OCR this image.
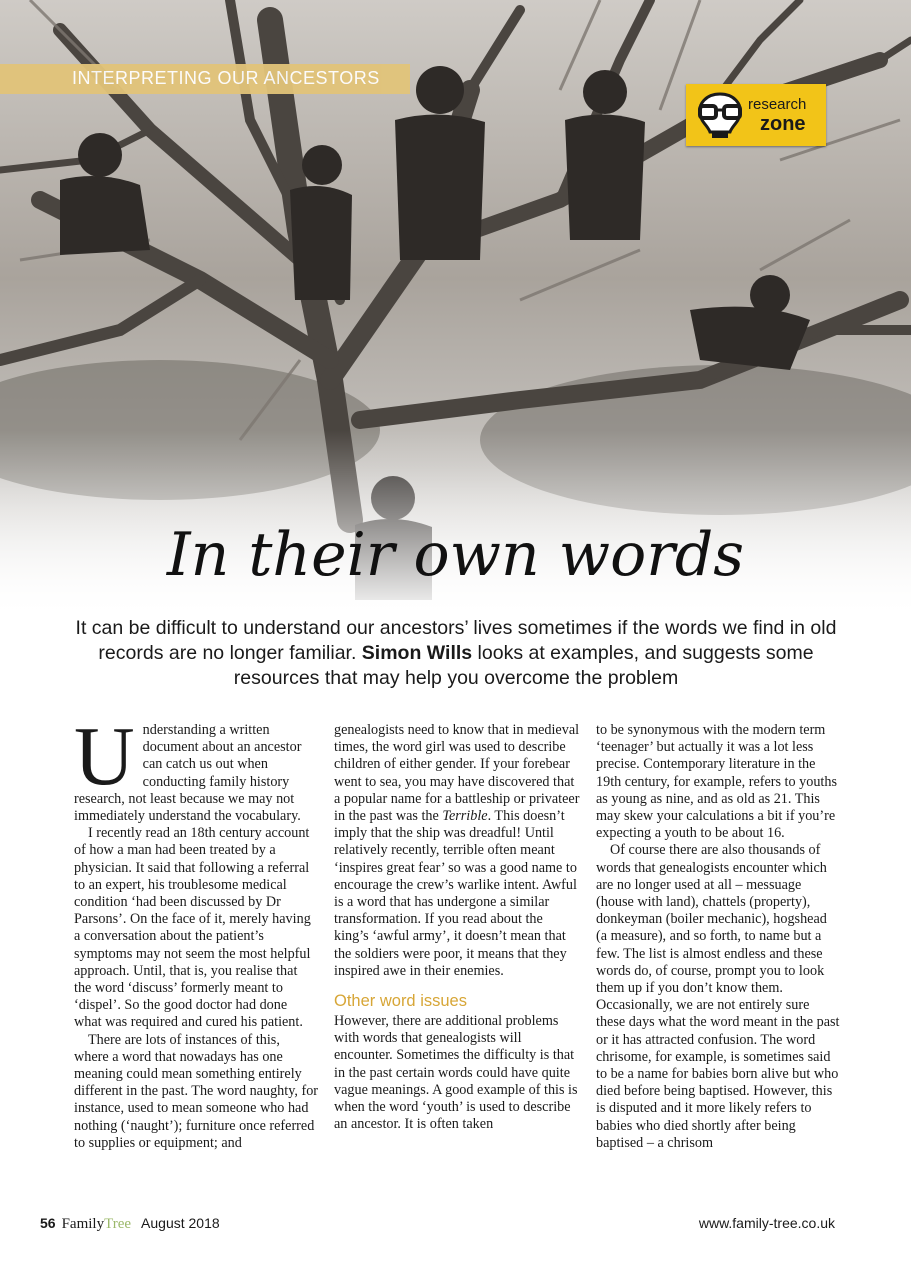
INTERPRETING OUR ANCESTORS
research
zone
In their own words
It can be difficult to understand our ancestors’ lives sometimes if the words we find in old records are no longer familiar. Simon Wills looks at examples, and suggests some resources that may help you overcome the problem

Understanding a written document about an ancestor can catch us out when conducting family history research, not least because we may not immediately understand the vocabulary.

I recently read an 18th century account of how a man had been treated by a physician. It said that following a referral to an expert, his troublesome medical condition ‘had been discussed by Dr Parsons’. On the face of it, merely having a conversation about the patient’s symptoms may not seem the most helpful approach. Until, that is, you realise that the word ‘discuss’ formerly meant to ‘dispel’. So the good doctor had done what was required and cured his patient.

There are lots of instances of this, where a word that nowadays has one meaning could mean something entirely different in the past. The word naughty, for instance, used to mean someone who had nothing (‘naught’); furniture once referred to supplies or equipment; and

genealogists need to know that in medieval times, the word girl was used to describe children of either gender. If your forebear went to sea, you may have discovered that a popular name for a battleship or privateer in the past was the Terrible. This doesn’t imply that the ship was dreadful! Until relatively recently, terrible often meant ‘inspires great fear’ so was a good name to encourage the crew’s warlike intent. Awful is a word that has undergone a similar transformation. If you read about the king’s ‘awful army’, it doesn’t mean that the soldiers were poor, it means that they inspired awe in their enemies.

Other word issues

However, there are additional problems with words that genealogists will encounter. Sometimes the difficulty is that in the past certain words could have quite vague meanings. A good example of this is when the word ‘youth’ is used to describe an ancestor. It is often taken

to be synonymous with the modern term ‘teenager’ but actually it was a lot less precise. Contemporary literature in the 19th century, for example, refers to youths as young as nine, and as old as 21. This may skew your calculations a bit if you’re expecting a youth to be about 16.

Of course there are also thousands of words that genealogists encounter which are no longer used at all – messuage (house with land), chattels (property), donkeyman (boiler mechanic), hogshead (a measure), and so forth, to name but a few. The list is almost endless and these words do, of course, prompt you to look them up if you don’t know them. Occasionally, we are not entirely sure these days what the word meant in the past or it has attracted confusion. The word chrisome, for example, is sometimes said to be a name for babies born alive but who died before being baptised. However, this is disputed and it more likely refers to babies who died shortly after being baptised – a chrisom

56 FamilyTree August 2018	www.family-tree.co.uk
